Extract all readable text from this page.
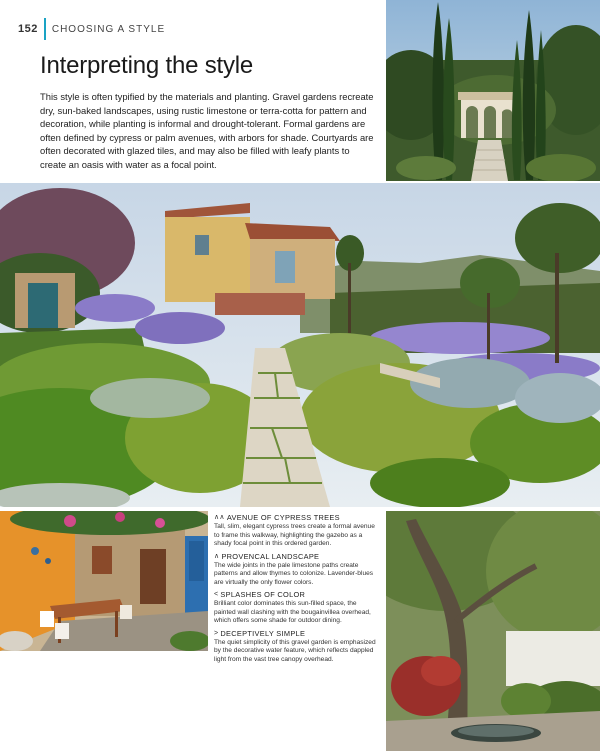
152 CHOOSING A STYLE
Interpreting the style

This style is often typified by the materials and planting. Gravel gardens recreate dry, sun-baked landscapes, using rustic limestone or terra-cotta for pattern and decoration, while planting is informal and drought-tolerant. Formal gardens are often defined by cypress or palm avenues, with arbors for shade. Courtyards are often decorated with glazed tiles, and may also be filled with leafy plants to create an oasis with water as a focal point.

∧∧ AVENUE OF CYPRESS TREES

Tall, slim, elegant cypress trees create a formal avenue to frame this walkway, highlighting the gazebo as a shady focal point in this ordered garden.

∧ PROVENCAL LANDSCAPE

The wide joints in the pale limestone paths create patterns and allow thymes to colonize. Lavender-blues are virtually the only flower colors.

< SPLASHES OF COLOR

Brilliant color dominates this sun-filled space, the painted wall clashing with the bougainvillea overhead, which offers some shade for outdoor dining.

> DECEPTIVELY SIMPLE

The quiet simplicity of this gravel garden is emphasized by the decorative water feature, which reflects dappled light from the vast tree canopy overhead.
